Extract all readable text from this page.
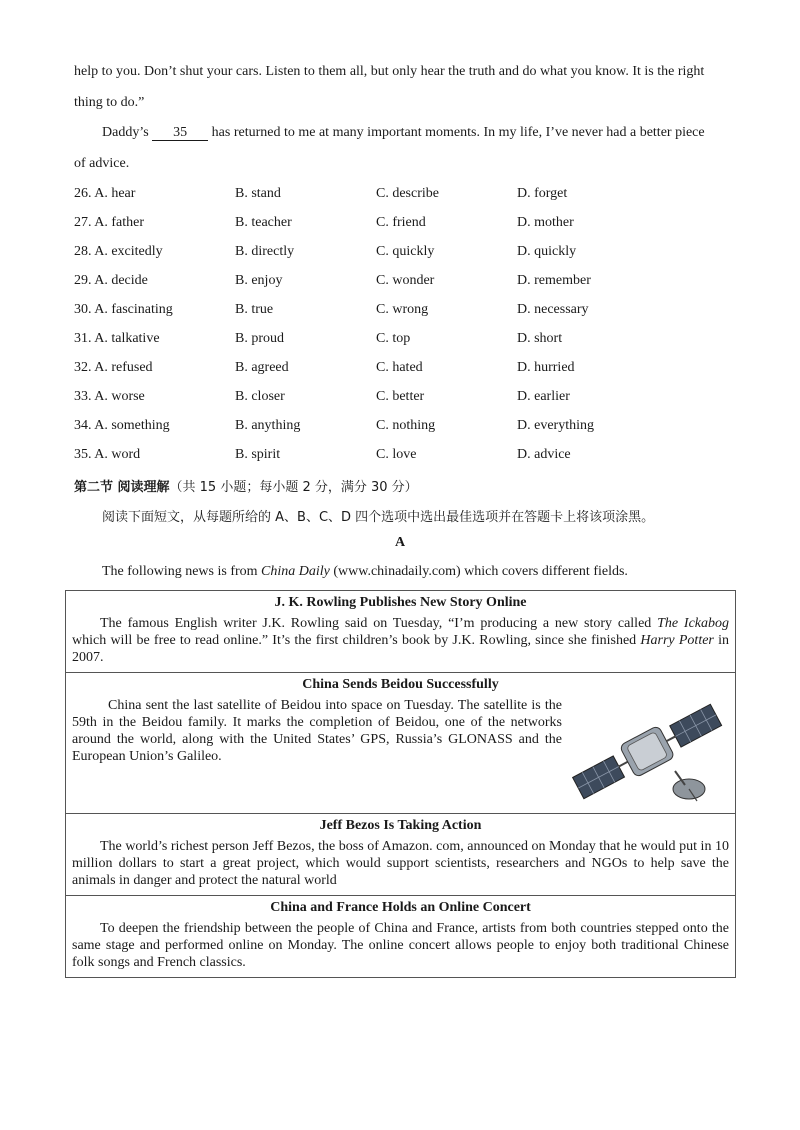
help to you. Don’t shut your cars. Listen to them all, but only hear the truth and do what you know. It is the right
thing to do.”
Daddy’s 35 has returned to me at many important moments. In my life, I’ve never had a better piece
of advice.
26. A. hear	B. stand	C. describe	D. forget
27. A. father	B. teacher	C. friend	D. mother
28. A. excitedly	B. directly	C. quickly	D. quickly
29. A. decide	B. enjoy	C. wonder	D. remember
30. A. fascinating	B. true	C. wrong	D. necessary
31. A. talkative	B. proud	C. top	D. short
32. A. refused	B. agreed	C. hated	D. hurried
33. A. worse	B. closer	C. better	D. earlier
34. A. something	B. anything	C. nothing	D. everything
35. A. word	B. spirit	C. love	D. advice
第二节 阅读理解（共 15 小题；每小题 2 分，满分 30 分）
阅读下面短文，从每题所给的 A、B、C、D 四个选项中选出最佳选项并在答题卡上将该项涂黑。
A
The following news is from China Daily (www.chinadaily.com) which covers different fields.
J. K. Rowling Publishes New Story Online

The famous English writer J.K. Rowling said on Tuesday, “I’m producing a new story called The Ickabog which will be free to read online.” It’s the first children’s book by J.K. Rowling, since she finished Harry Potter in 2007.

China Sends Beidou Successfully

China sent the last satellite of Beidou into space on Tuesday. The satellite is the 59th in the Beidou family. It marks the completion of Beidou, one of the networks around the world, along with the United States’ GPS, Russia’s GLONASS and the European Union’s Galileo.

Jeff Bezos Is Taking Action

The world’s richest person Jeff Bezos, the boss of Amazon. com, announced on Monday that he would put in 10 million dollars to start a great project, which would support scientists, researchers and NGOs to help save the animals in danger and protect the natural world

China and France Holds an Online Concert

To deepen the friendship between the people of China and France, artists from both countries stepped onto the same stage and performed online on Monday. The online concert allows people to enjoy both traditional Chinese folk songs and French classics.
